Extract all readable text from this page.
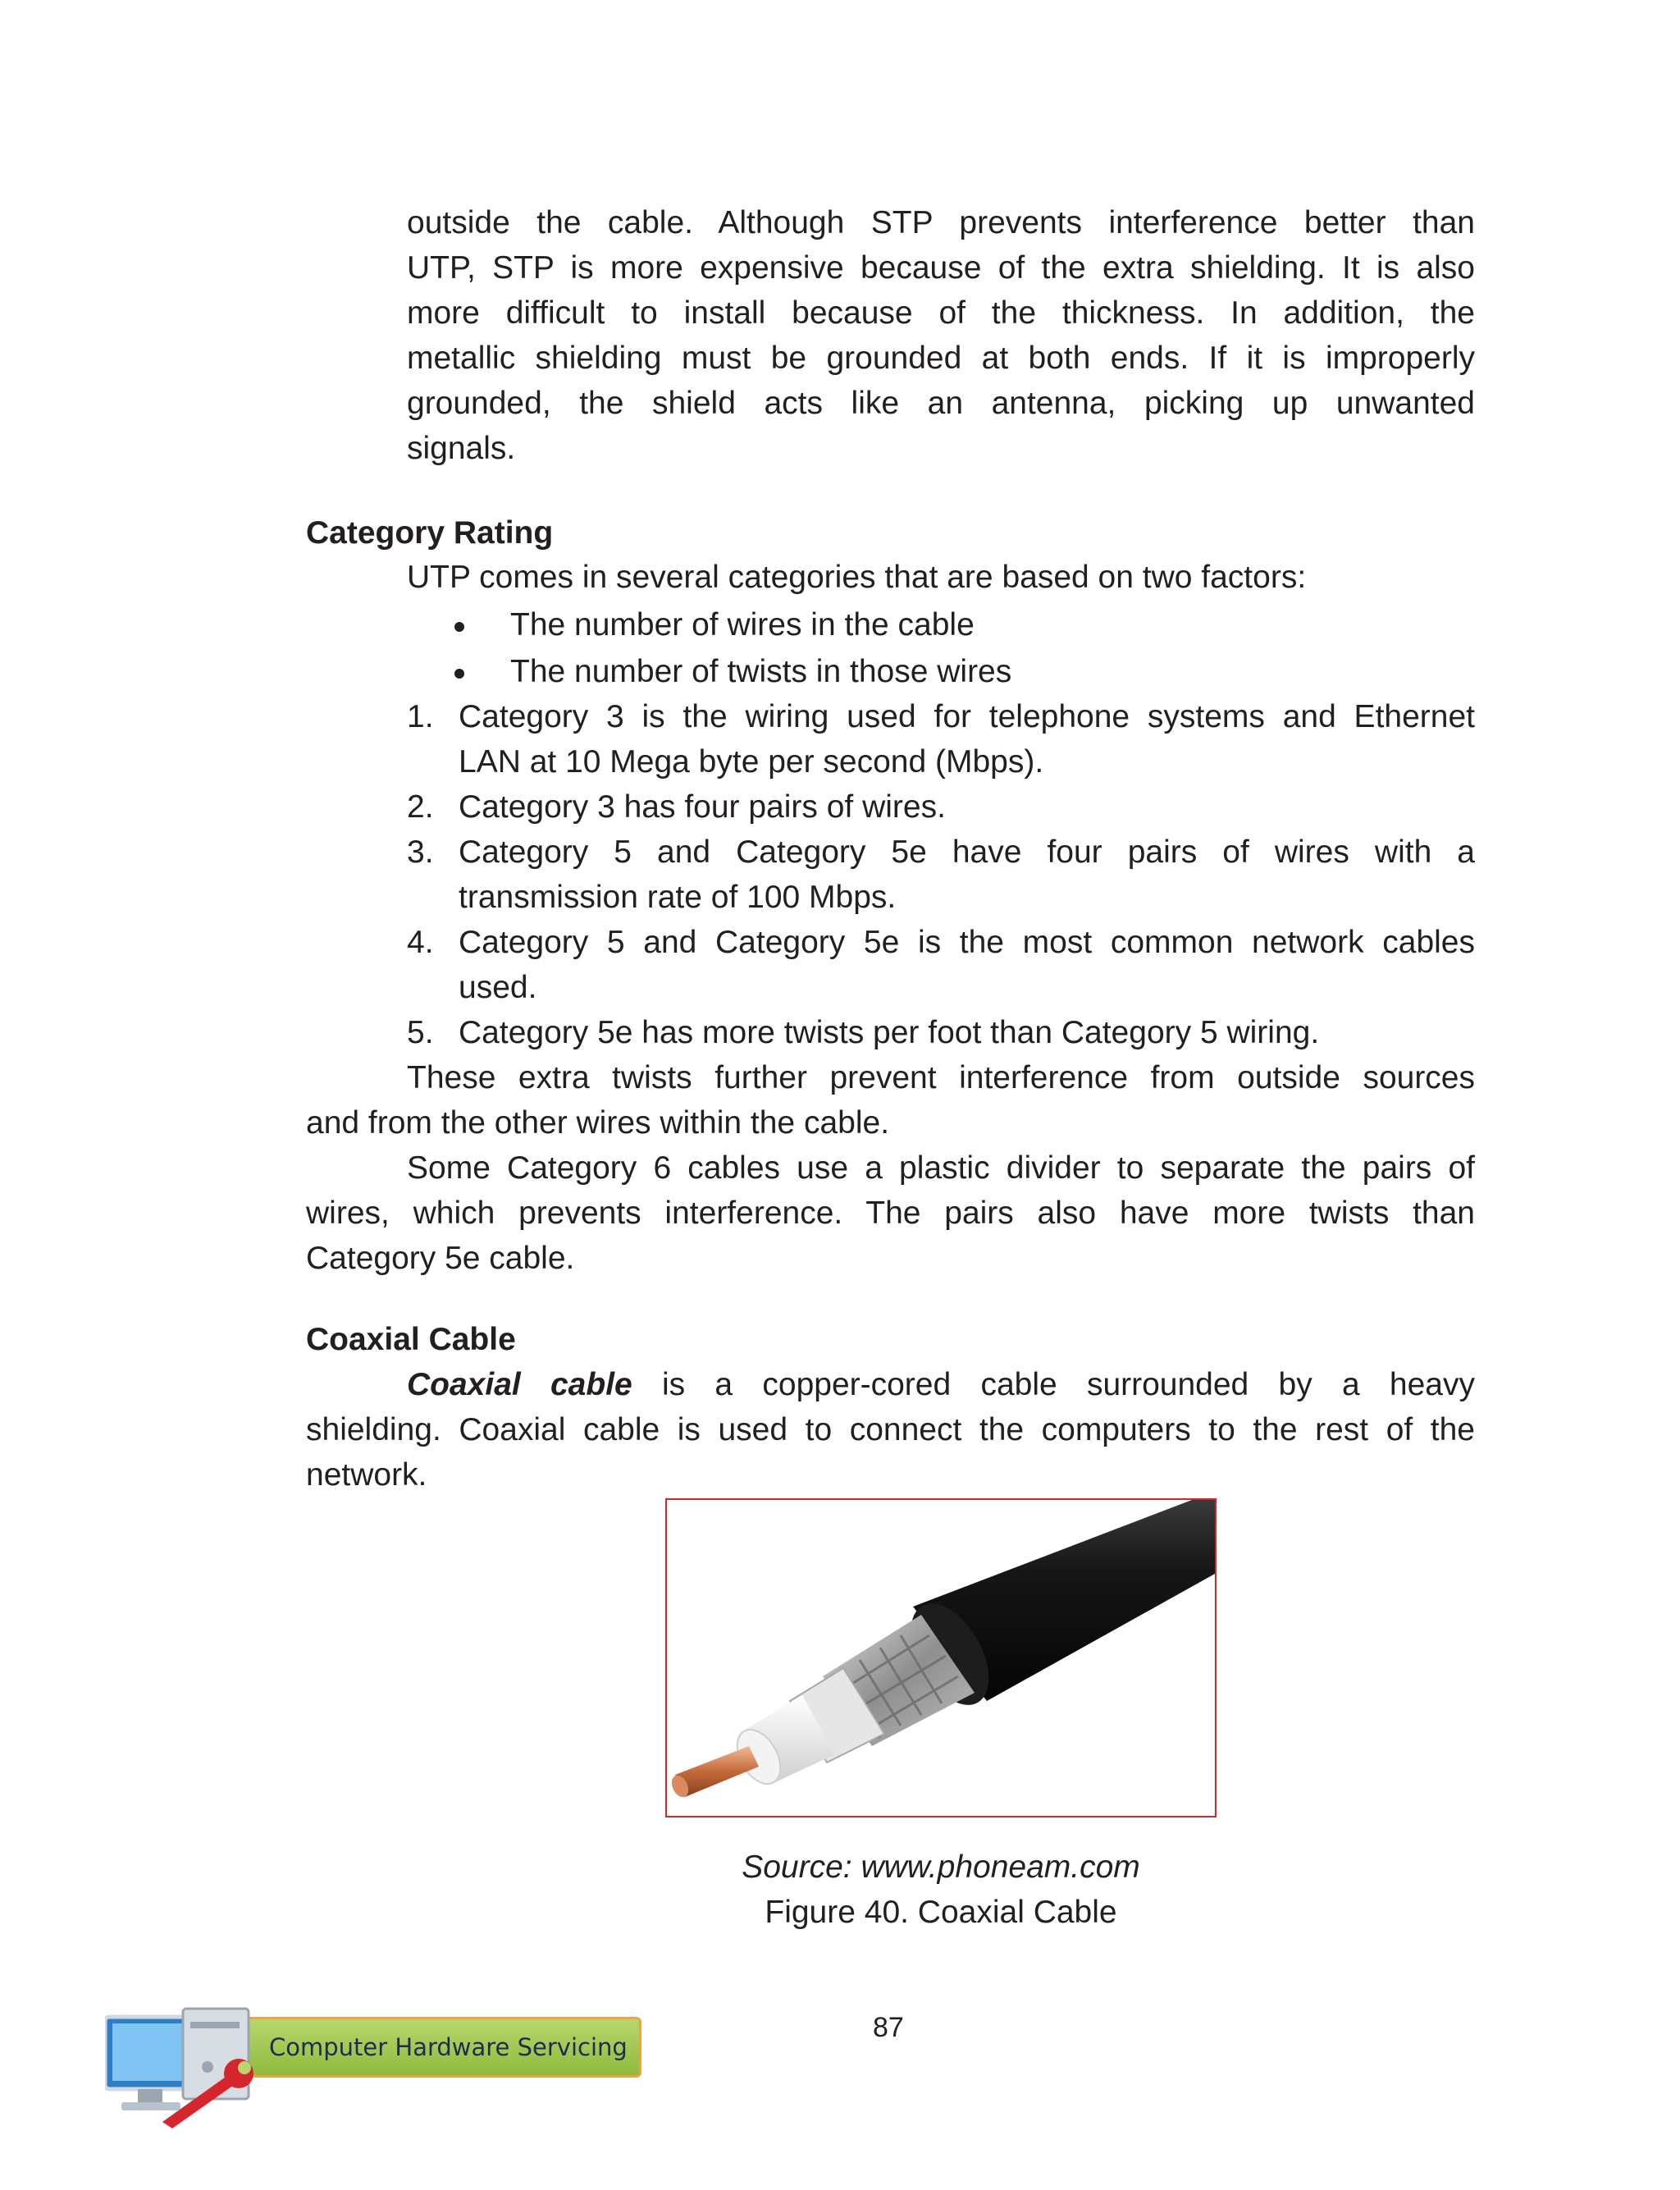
outside the cable. Although STP prevents interference better than
UTP, STP is more expensive because of the extra shielding. It is also
more difficult to install because of the thickness. In addition, the
metallic shielding must be grounded at both ends. If it is improperly
grounded, the shield acts like an antenna, picking up unwanted
signals.
Category Rating
UTP comes in several categories that are based on two factors:
The number of wires in the cable
The number of twists in those wires
1. Category 3 is the wiring used for telephone systems and Ethernet
LAN at 10 Mega byte per second (Mbps).
2. Category 3 has four pairs of wires.
3. Category 5 and Category 5e have four pairs of wires with a
transmission rate of 100 Mbps.
4. Category 5 and Category 5e is the most common network cables
used.
5. Category 5e has more twists per foot than Category 5 wiring.
These extra twists further prevent interference from outside sources
and from the other wires within the cable.
Some Category 6 cables use a plastic divider to separate the pairs of
wires, which prevents interference. The pairs also have more twists than
Category 5e cable.
Coaxial Cable
Coaxial cable is a copper-cored cable surrounded by a heavy
shielding. Coaxial cable is used to connect the computers to the rest of the
network.
Source: www.phoneam.com
Figure 40. Coaxial Cable
87
Computer Hardware Servicing
